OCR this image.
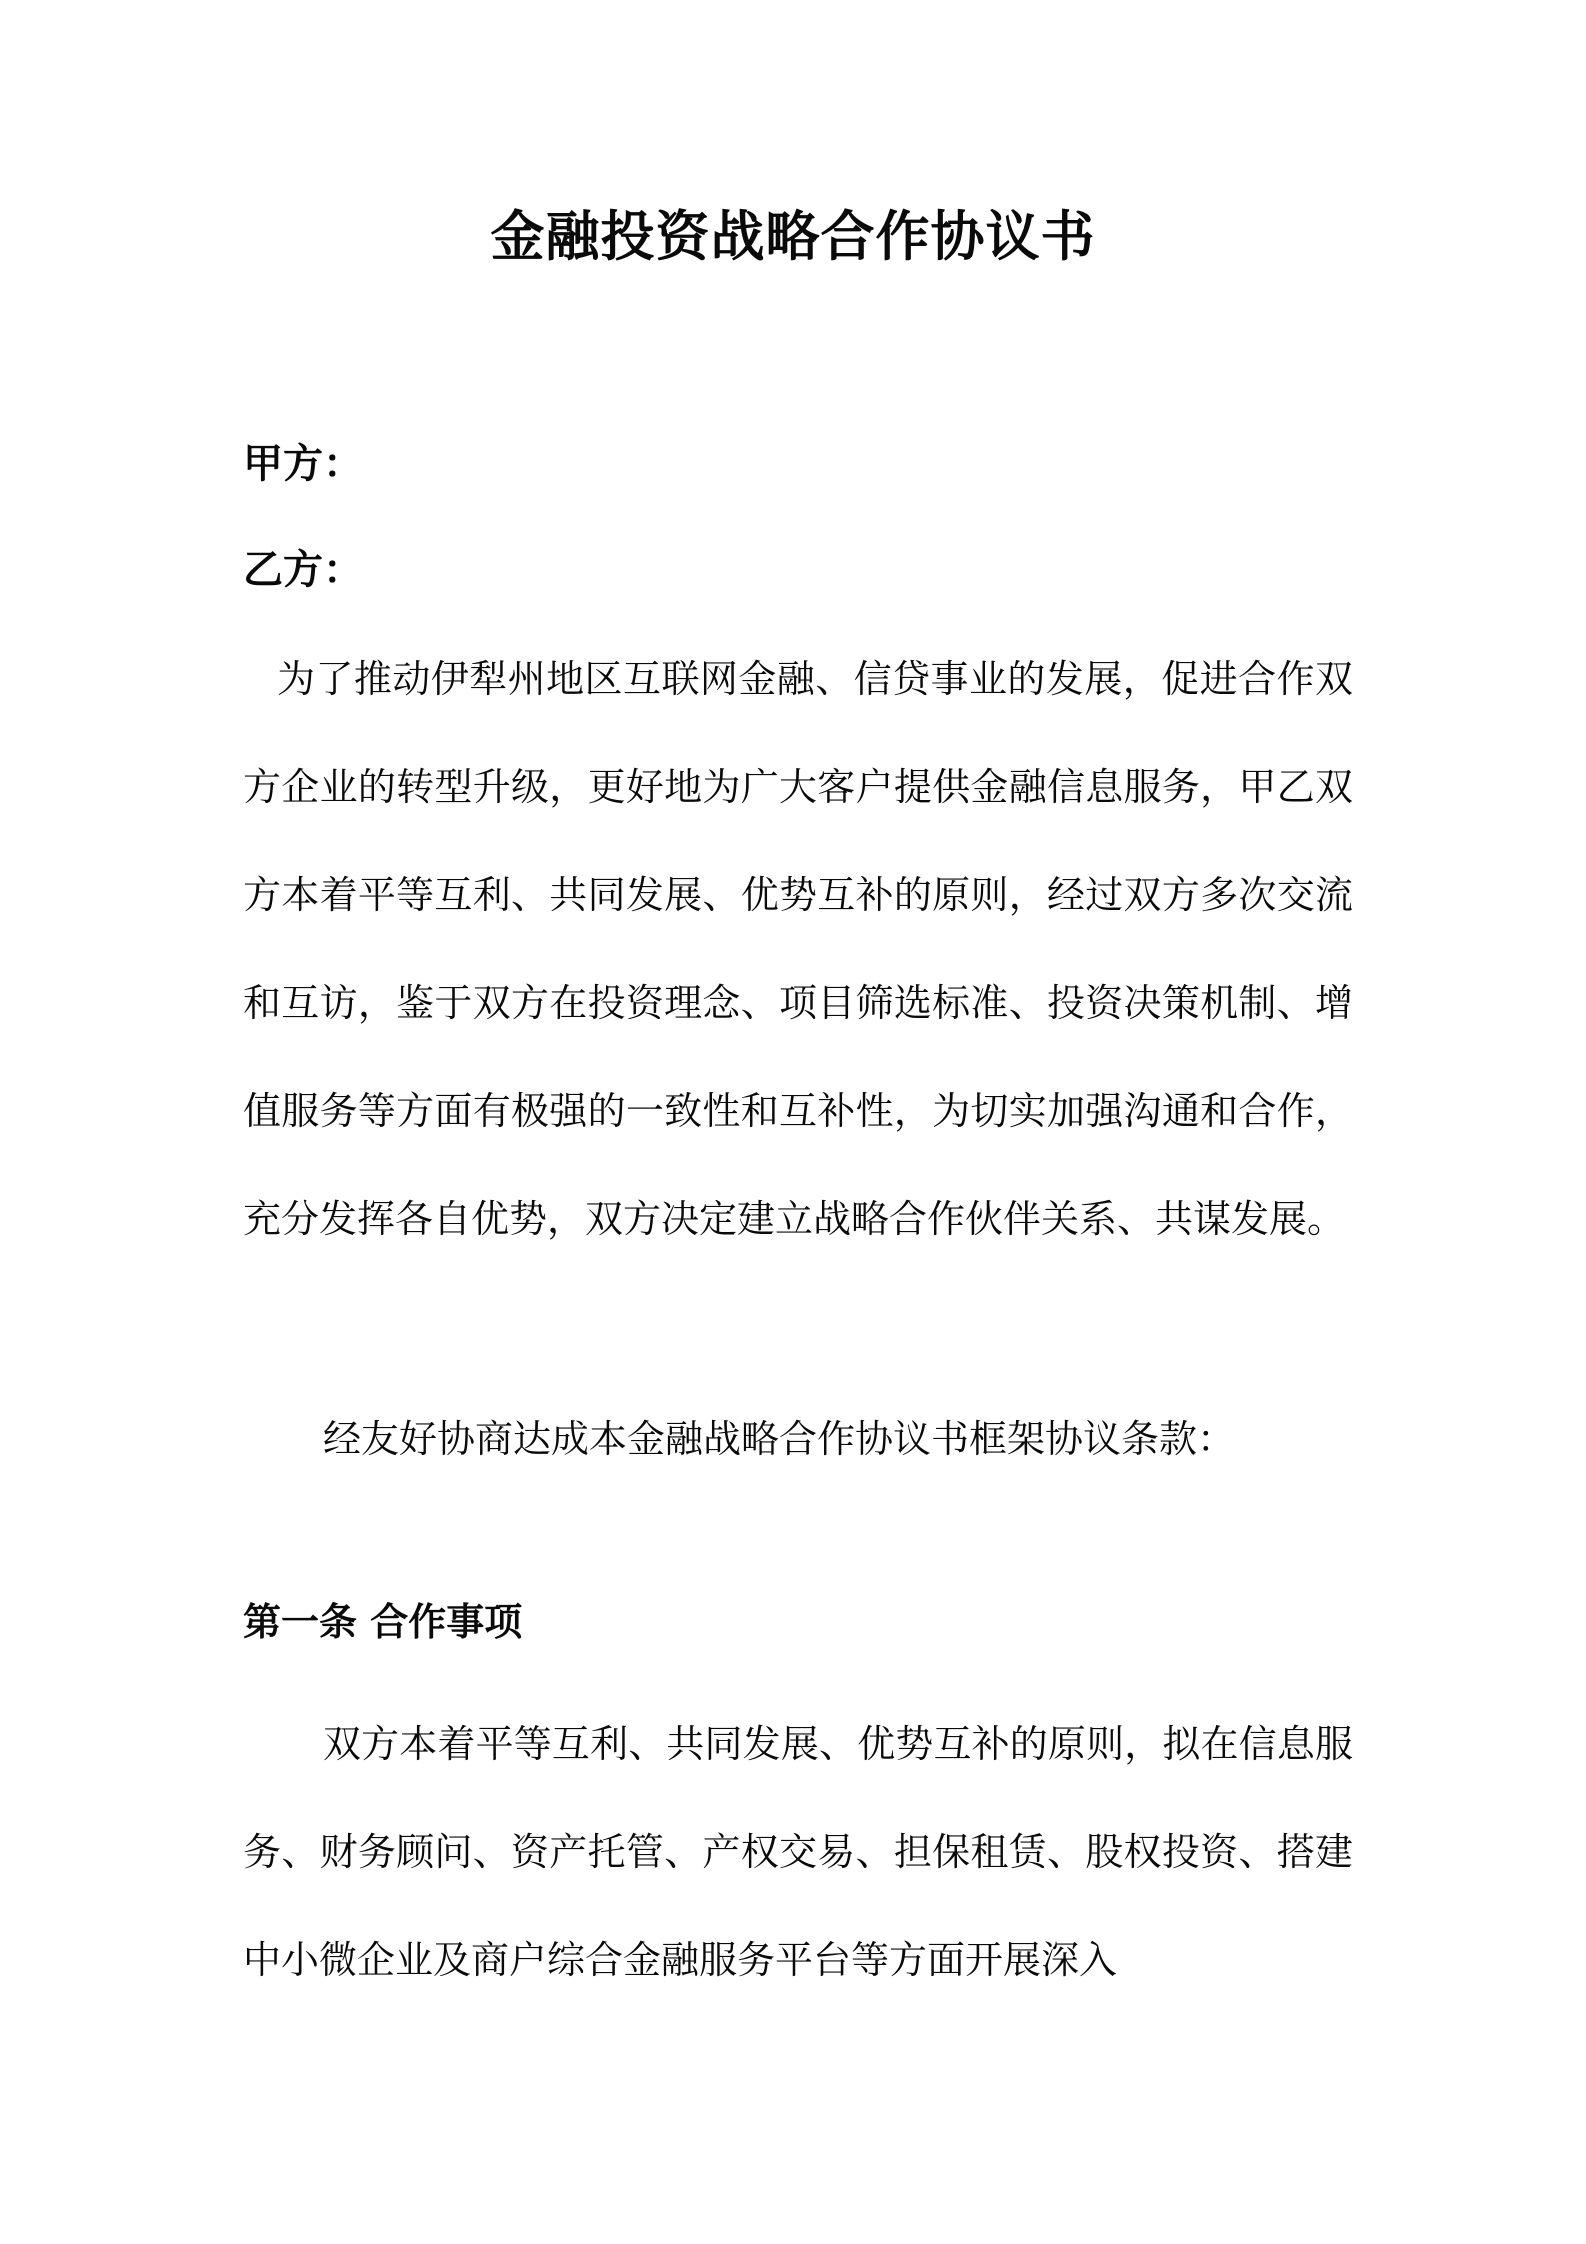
金融投资战略合作协议书

甲方：

乙方：

为了推动伊犁州地区互联网金融、信贷事业的发展，促进合作双方企业的转型升级，更好地为广大客户提供金融信息服务，甲乙双方本着平等互利、共同发展、优势互补的原则，经过双方多次交流和互访，鉴于双方在投资理念、项目筛选标准、投资决策机制、增值服务等方面有极强的一致性和互补性，为切实加强沟通和合作，充分发挥各自优势，双方决定建立战略合作伙伴关系、共谋发展。

经友好协商达成本金融战略合作协议书框架协议条款：

第一条 合作事项

双方本着平等互利、共同发展、优势互补的原则，拟在信息服务、财务顾问、资产托管、产权交易、担保租赁、股权投资、搭建中小微企业及商户综合金融服务平台等方面开展深入
